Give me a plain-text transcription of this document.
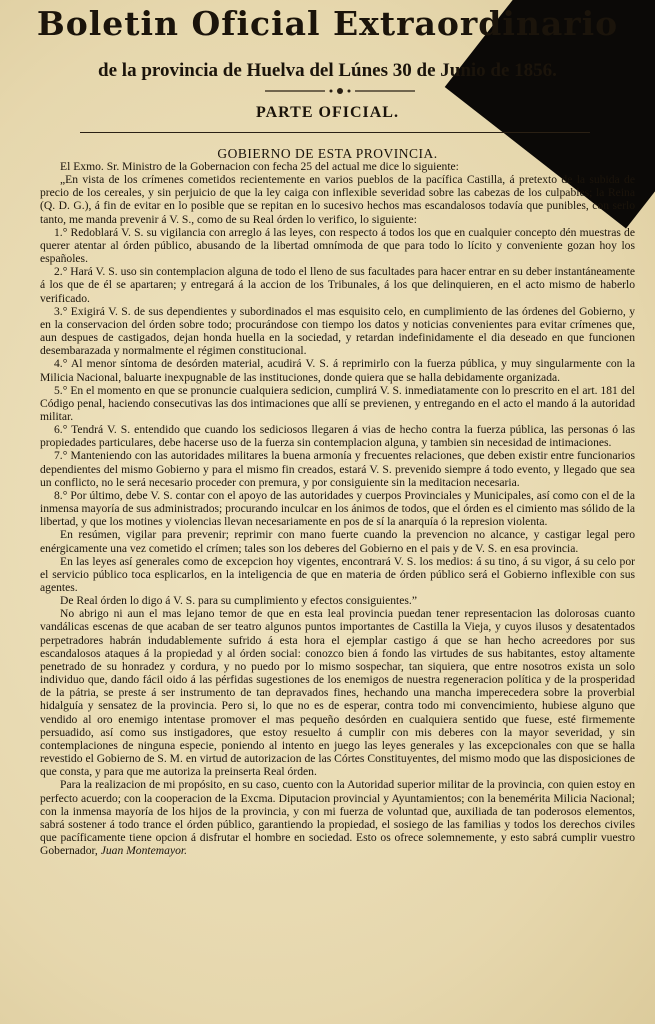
Boletin Oficial Extraordinario
de la provincia de Huelva del Lúnes 30 de Junio de 1856.
PARTE OFICIAL.
GOBIERNO DE ESTA PROVINCIA.

El Exmo. Sr. Ministro de la Gobernacion con fecha 25 del actual me dice lo siguiente:

„En vista de los crímenes cometidos recientemente en varios pueblos de la pacífica Castilla, á pretexto de la subida de precio de los cereales, y sin perjuicio de que la ley caiga con inflexible severidad sobre las cabezas de los culpables; la Reina (Q. D. G.), á fin de evitar en lo posible que se repitan en lo sucesivo hechos mas escandalosos todavía que punibles, con serlo tanto, me manda prevenir á V. S., como de su Real órden lo verifico, lo siguiente:

1.° Redoblará V. S. su vigilancia con arreglo á las leyes, con respecto á todos los que en cualquier concepto dén muestras de querer atentar al órden público, abusando de la libertad omnímoda de que para todo lo lícito y conveniente gozan hoy los españoles.

2.° Hará V. S. uso sin contemplacion alguna de todo el lleno de sus facultades para hacer entrar en su deber instantáneamente á los que de él se apartaren; y entregará á la accion de los Tribunales, á los que delinquieren, en el acto mismo de haberlo verificado.

3.° Exigirá V. S. de sus dependientes y subordinados el mas esquisito celo, en cumplimiento de las órdenes del Gobierno, y en la conservacion del órden sobre todo; procurándose con tiempo los datos y noticias convenientes para evitar crímenes que, aun despues de castigados, dejan honda huella en la sociedad, y retardan indefinidamente el dia deseado en que funcionen desembarazada y normalmente el régimen constitucional.

4.° Al menor síntoma de desórden material, acudirá V. S. á reprimirlo con la fuerza pública, y muy singularmente con la Milicia Nacional, baluarte inexpugnable de las instituciones, donde quiera que se halla debidamente organizada.

5.° En el momento en que se pronuncie cualquiera sedicion, cumplirá V. S. inmediatamente con lo prescrito en el art. 181 del Código penal, haciendo consecutivas las dos intimaciones que allí se previenen, y entregando en el acto el mando á la autoridad militar.

6.° Tendrá V. S. entendido que cuando los sediciosos llegaren á vias de hecho contra la fuerza pública, las personas ó las propiedades particulares, debe hacerse uso de la fuerza sin contemplacion alguna, y tambien sin necesidad de intimaciones.

7.° Manteniendo con las autoridades militares la buena armonía y frecuentes relaciones, que deben existir entre funcionarios dependientes del mismo Gobierno y para el mismo fin creados, estará V. S. prevenido siempre á todo evento, y llegado que sea un conflicto, no le será necesario proceder con premura, y por consiguiente sin la meditacion necesaria.

8.° Por último, debe V. S. contar con el apoyo de las autoridades y cuerpos Provinciales y Municipales, así como con el de la inmensa mayoría de sus administrados; procurando inculcar en los ánimos de todos, que el órden es el cimiento mas sólido de la libertad, y que los motines y violencias llevan necesariamente en pos de sí la anarquía ó la represion violenta.

En resúmen, vigilar para prevenir; reprimir con mano fuerte cuando la prevencion no alcance, y castigar legal pero enérgicamente una vez cometido el crímen; tales son los deberes del Gobierno en el pais y de V. S. en esa provincia.

En las leyes así generales como de excepcion hoy vigentes, encontrará V. S. los medios: á su tino, á su vigor, á su celo por el servicio público toca esplicarlos, en la inteligencia de que en materia de órden público será el Gobierno inflexible con sus agentes.

De Real órden lo digo á V. S. para su cumplimiento y efectos consiguientes.”

No abrigo ni aun el mas lejano temor de que en esta leal provincia puedan tener representacion las dolorosas cuanto vandálicas escenas de que acaban de ser teatro algunos puntos importantes de Castilla la Vieja, y cuyos ilusos y desatentados perpetradores habrán indudablemente sufrido á esta hora el ejemplar castigo á que se han hecho acreedores por sus escandalosos ataques á la propiedad y al órden social: conozco bien á fondo las virtudes de sus habitantes, estoy altamente penetrado de su honradez y cordura, y no puedo por lo mismo sospechar, tan siquiera, que entre nosotros exista un solo individuo que, dando fácil oido á las pérfidas sugestiones de los enemigos de nuestra regeneracion política y de la prosperidad de la pátria, se preste á ser instrumento de tan depravados fines, hechando una mancha imperecedera sobre la proverbial hidalguía y sensatez de la provincia. Pero si, lo que no es de esperar, contra todo mi convencimiento, hubiese alguno que vendido al oro enemigo intentase promover el mas pequeño desórden en cualquiera sentido que fuese, esté firmemente persuadido, así como sus instigadores, que estoy resuelto á cumplir con mis deberes con la mayor severidad, y sin contemplaciones de ninguna especie, poniendo al intento en juego las leyes generales y las excepcionales con que se halla revestido el Gobierno de S. M. en virtud de autorizacion de las Córtes Constituyentes, del mismo modo que las disposiciones de que consta, y para que me autoriza la preinserta Real órden.

Para la realizacion de mi propósito, en su caso, cuento con la Autoridad superior militar de la provincia, con quien estoy en perfecto acuerdo; con la cooperacion de la Excma. Diputacion provincial y Ayuntamientos; con la benemérita Milicia Nacional; con la inmensa mayoría de los hijos de la provincia, y con mi fuerza de voluntad que, auxiliada de tan poderosos elementos, sabrá sostener á todo trance el órden público, garantiendo la propiedad, el sosiego de las familias y todos los derechos civiles que pacíficamente tiene opcion á disfrutar el hombre en sociedad. Esto os ofrece solemnemente, y esto sabrá cumplir vuestro Gobernador, Juan Montemayor.
